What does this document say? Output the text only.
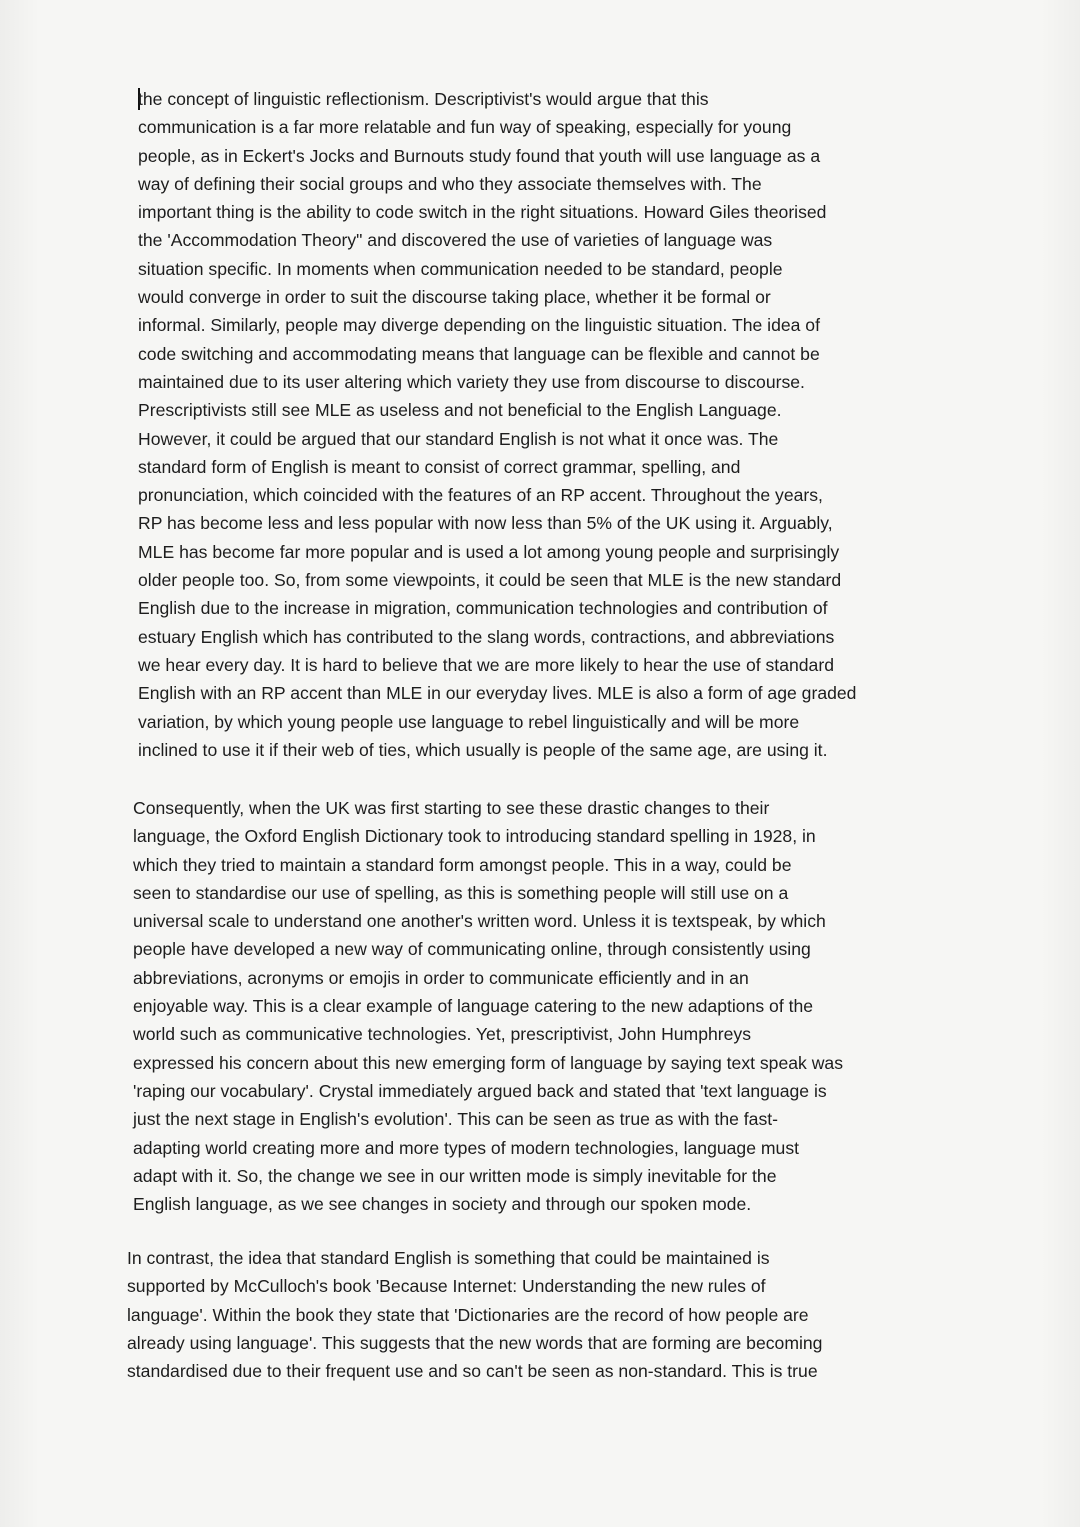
the concept of linguistic reflectionism. Descriptivist's would argue that this
communication is a far more relatable and fun way of speaking, especially for young
people, as in Eckert's Jocks and Burnouts study found that youth will use language as a
way of defining their social groups and who they associate themselves with. The
important thing is the ability to code switch in the right situations. Howard Giles theorised
the 'Accommodation Theory" and discovered the use of varieties of language was
situation specific. In moments when communication needed to be standard, people
would converge in order to suit the discourse taking place, whether it be formal or
informal. Similarly, people may diverge depending on the linguistic situation. The idea of
code switching and accommodating means that language can be flexible and cannot be
maintained due to its user altering which variety they use from discourse to discourse.
Prescriptivists still see MLE as useless and not beneficial to the English Language.
However, it could be argued that our standard English is not what it once was. The
standard form of English is meant to consist of correct grammar, spelling, and
pronunciation, which coincided with the features of an RP accent. Throughout the years,
RP has become less and less popular with now less than 5% of the UK using it. Arguably,
MLE has become far more popular and is used a lot among young people and surprisingly
older people too. So, from some viewpoints, it could be seen that MLE is the new standard
English due to the increase in migration, communication technologies and contribution of
estuary English which has contributed to the slang words, contractions, and abbreviations
we hear every day. It is hard to believe that we are more likely to hear the use of standard
English with an RP accent than MLE in our everyday lives. MLE is also a form of age graded
variation, by which young people use language to rebel linguistically and will be more
inclined to use it if their web of ties, which usually is people of the same age, are using it.
Consequently, when the UK was first starting to see these drastic changes to their
language, the Oxford English Dictionary took to introducing standard spelling in 1928, in
which they tried to maintain a standard form amongst people. This in a way, could be
seen to standardise our use of spelling, as this is something people will still use on a
universal scale to understand one another's written word. Unless it is textspeak, by which
people have developed a new way of communicating online, through consistently using
abbreviations, acronyms or emojis in order to communicate efficiently and in an
enjoyable way. This is a clear example of language catering to the new adaptions of the
world such as communicative technologies. Yet, prescriptivist, John Humphreys
expressed his concern about this new emerging form of language by saying text speak was
'raping our vocabulary'. Crystal immediately argued back and stated that 'text language is
just the next stage in English's evolution'. This can be seen as true as with the fast-
adapting world creating more and more types of modern technologies, language must
adapt with it. So, the change we see in our written mode is simply inevitable for the
English language, as we see changes in society and through our spoken mode.
In contrast, the idea that standard English is something that could be maintained is
supported by McCulloch's book 'Because Internet: Understanding the new rules of
language'. Within the book they state that 'Dictionaries are the record of how people are
already using language'. This suggests that the new words that are forming are becoming
standardised due to their frequent use and so can't be seen as non-standard. This is true
